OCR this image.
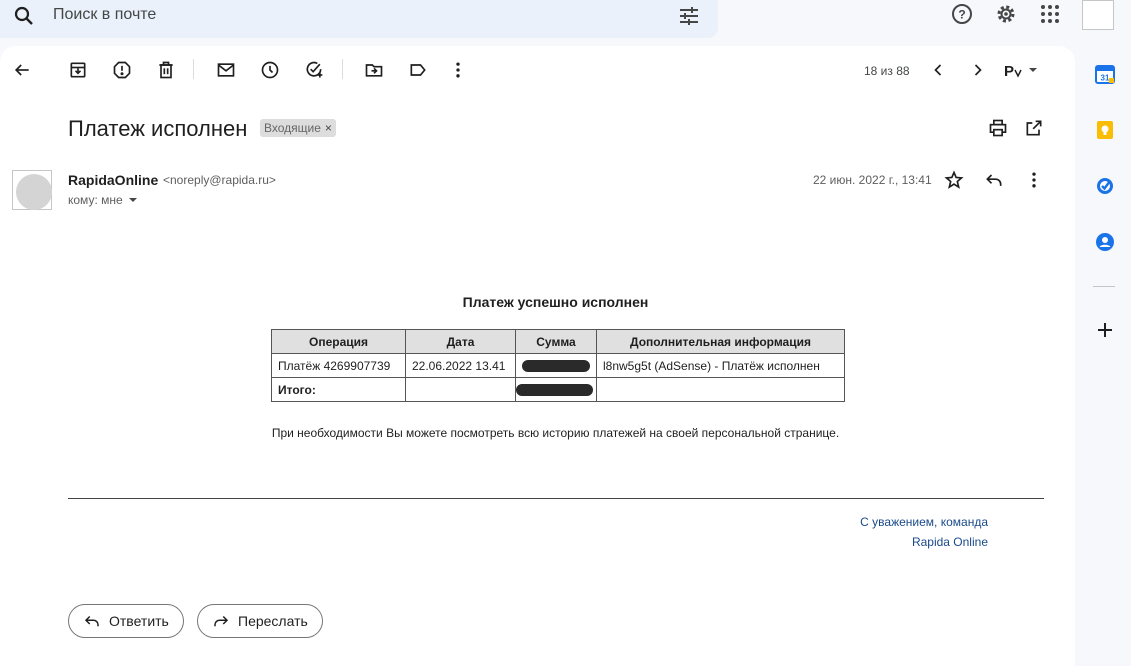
Поиск в почте	?
18 из 88	Р
Платеж исполнен Входящие ×
RapidaOnline <noreply@rapida.ru>
кому: мне
22 июн. 2022 г., 13:41
Платеж успешно исполнен
Операция	Дата	Сумма	Дополнительная информация
Платёж 4269907739	22.06.2022 13.41		l8nw5g5t (AdSense) - Платёж исполнен
Итого:			
При необходимости Вы можете посмотреть всю историю платежей на своей персональной странице.
С уважением, команда
Rapida Online
Ответить	Переслать
31
